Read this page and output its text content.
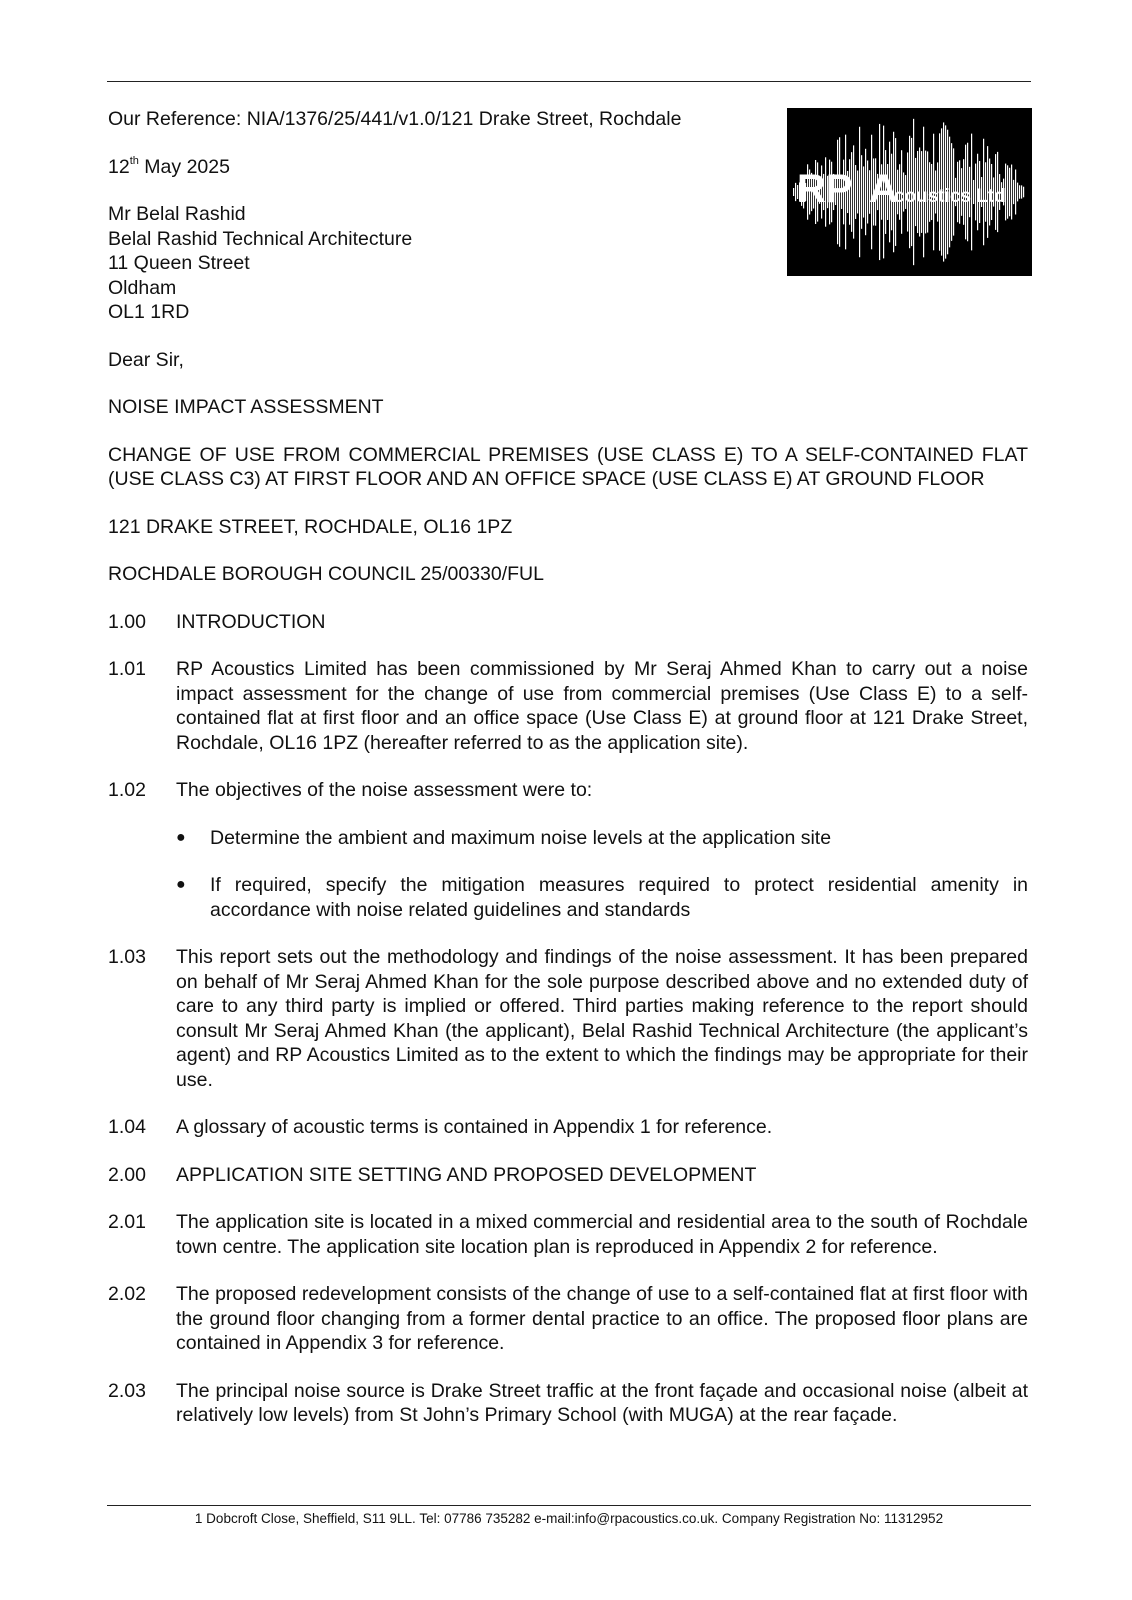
RP A
coustics Ltd

Our Reference: NIA/1376/25/441/v1.0/121 Drake Street, Rochdale

12th May 2025

Mr Belal Rashid
Belal Rashid Technical Architecture
11 Queen Street
Oldham
OL1 1RD

Dear Sir,

NOISE IMPACT ASSESSMENT

CHANGE OF USE FROM COMMERCIAL PREMISES (USE CLASS E) TO A SELF-CONTAINED FLAT (USE CLASS C3) AT FIRST FLOOR AND AN OFFICE SPACE (USE CLASS E) AT GROUND FLOOR

121 DRAKE STREET, ROCHDALE, OL16 1PZ

ROCHDALE BOROUGH COUNCIL 25/00330/FUL

1.00	INTRODUCTION
1.01	RP Acoustics Limited has been commissioned by Mr Seraj Ahmed Khan to carry out a noise impact assessment for the change of use from commercial premises (Use Class E) to a self-contained flat at first floor and an office space (Use Class E) at ground floor at 121 Drake Street, Rochdale, OL16 1PZ (hereafter referred to as the application site).
1.02	The objectives of the noise assessment were to:
●	Determine the ambient and maximum noise levels at the application site
●	If required, specify the mitigation measures required to protect residential amenity in accordance with noise related guidelines and standards
1.03	This report sets out the methodology and findings of the noise assessment. It has been prepared on behalf of Mr Seraj Ahmed Khan for the sole purpose described above and no extended duty of care to any third party is implied or offered. Third parties making reference to the report should consult Mr Seraj Ahmed Khan (the applicant), Belal Rashid Technical Architecture (the applicant’s agent) and RP Acoustics Limited as to the extent to which the findings may be appropriate for their use.
1.04	A glossary of acoustic terms is contained in Appendix 1 for reference.
2.00	APPLICATION SITE SETTING AND PROPOSED DEVELOPMENT
2.01	The application site is located in a mixed commercial and residential area to the south of Rochdale town centre. The application site location plan is reproduced in Appendix 2 for reference.
2.02	The proposed redevelopment consists of the change of use to a self-contained flat at first floor with the ground floor changing from a former dental practice to an office. The proposed floor plans are contained in Appendix 3 for reference.
2.03	The principal noise source is Drake Street traffic at the front façade and occasional noise (albeit at relatively low levels) from St John’s Primary School (with MUGA) at the rear façade.
1 Dobcroft Close, Sheffield, S11 9LL. Tel: 07786 735282 e-mail:info@rpacoustics.co.uk. Company Registration No: 11312952
